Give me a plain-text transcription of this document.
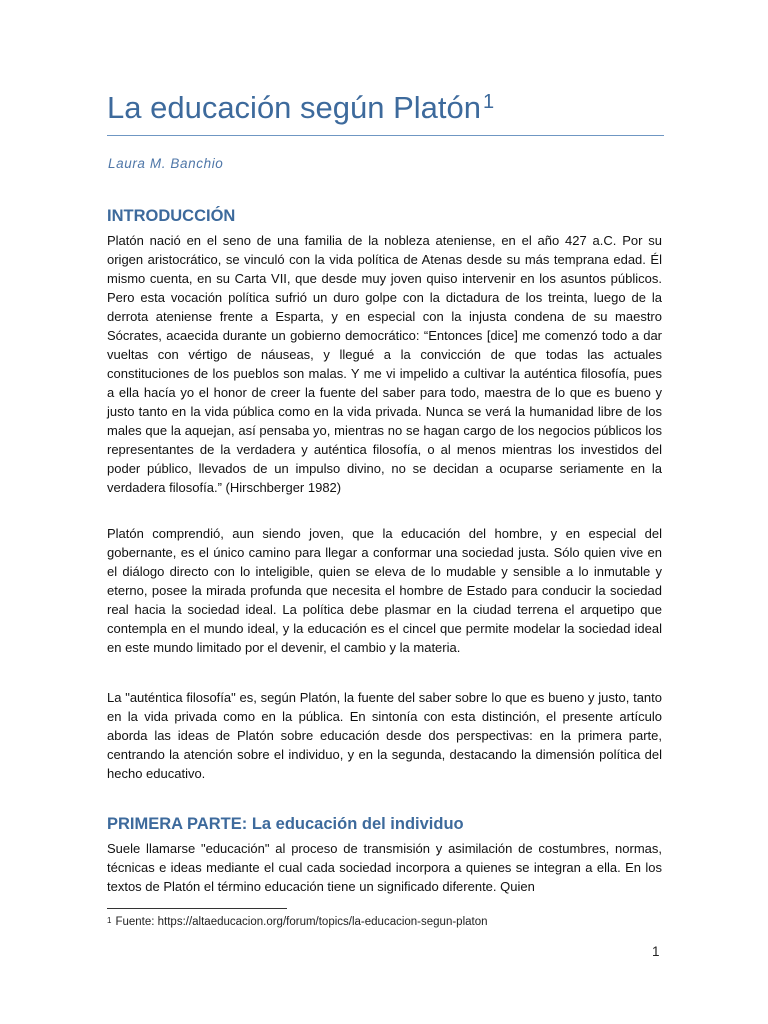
La educación según Platón $^1$
Laura M. Banchio
INTRODUCCIÓN
Platón nació en el seno de una familia de la nobleza ateniense, en el año 427 a.C. Por su origen aristocrático, se vinculó con la vida política de Atenas desde su más temprana edad. Él mismo cuenta, en su Carta VII, que desde muy joven quiso intervenir en los asuntos públicos. Pero esta vocación política sufrió un duro golpe con la dictadura de los treinta, luego de la derrota ateniense frente a Esparta, y en especial con la injusta condena de su maestro Sócrates, acaecida durante un gobierno democrático: “Entonces [dice] me comenzó todo a dar vueltas con vértigo de náuseas, y llegué a la convicción de que todas las actuales constituciones de los pueblos son malas. Y me vi impelido a cultivar la auténtica filosofía, pues a ella hacía yo el honor de creer la fuente del saber para todo, maestra de lo que es bueno y justo tanto en la vida pública como en la vida privada. Nunca se verá la humanidad libre de los males que la aquejan, así pensaba yo, mientras no se hagan cargo de los negocios públicos los representantes de la verdadera y auténtica filosofía, o al menos mientras los investidos del poder público, llevados de un impulso divino, no se decidan a ocuparse seriamente en la verdadera filosofía.” (Hirschberger 1982)
Platón comprendió, aun siendo joven, que la educación del hombre, y en especial del gobernante, es el único camino para llegar a conformar una sociedad justa. Sólo quien vive en el diálogo directo con lo inteligible, quien se eleva de lo mudable y sensible a lo inmutable y eterno, posee la mirada profunda que necesita el hombre de Estado para conducir la sociedad real hacia la sociedad ideal. La política debe plasmar en la ciudad terrena el arquetipo que contempla en el mundo ideal, y la educación es el cincel que permite modelar la sociedad ideal en este mundo limitado por el devenir, el cambio y la materia.
La "auténtica filosofía" es, según Platón, la fuente del saber sobre lo que es bueno y justo, tanto en la vida privada como en la pública. En sintonía con esta distinción, el presente artículo aborda las ideas de Platón sobre educación desde dos perspectivas: en la primera parte, centrando la atención sobre el individuo, y en la segunda, destacando la dimensión política del hecho educativo.
PRIMERA PARTE: La educación del individuo
Suele llamarse "educación" al proceso de transmisión y asimilación de costumbres, normas, técnicas e ideas mediante el cual cada sociedad incorpora a quienes se integran a ella. En los textos de Platón el término educación tiene un significado diferente. Quien
$^1$ Fuente: https://altaeducacion.org/forum/topics/la-educacion-segun-platon
1
